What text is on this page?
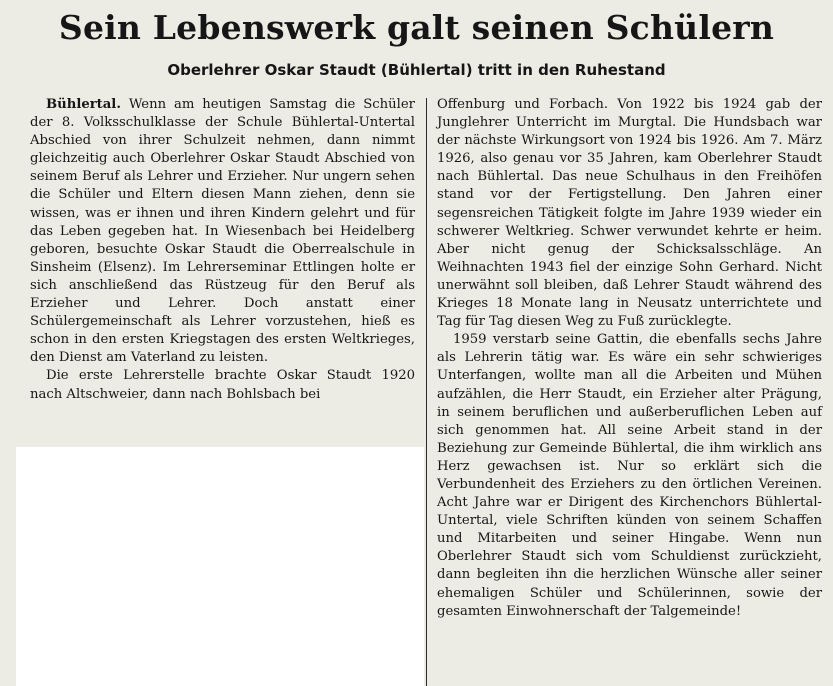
Sein Lebenswerk galt seinen Schülern
Oberlehrer Oskar Staudt (Bühlertal) tritt in den Ruhestand

Bühlertal. Wenn am heutigen Samstag die Schüler der 8. Volksschulklasse der Schule Bühlertal-Untertal Abschied von ihrer Schulzeit nehmen, dann nimmt gleichzeitig auch Oberlehrer Oskar Staudt Abschied von seinem Beruf als Lehrer und Erzieher. Nur ungern sehen die Schüler und Eltern diesen Mann ziehen, denn sie wissen, was er ihnen und ihren Kindern gelehrt und für das Leben gegeben hat. In Wiesenbach bei Heidelberg geboren, besuchte Oskar Staudt die Oberrealschule in Sinsheim (Elsenz). Im Lehrerseminar Ettlingen holte er sich anschließend das Rüstzeug für den Beruf als Erzieher und Lehrer. Doch anstatt einer Schülergemeinschaft als Lehrer vorzustehen, hieß es schon in den ersten Kriegstagen des ersten Weltkrieges, den Dienst am Vaterland zu leisten.

Die erste Lehrerstelle brachte Oskar Staudt 1920 nach Altschweier, dann nach Bohlsbach bei

Offenburg und Forbach. Von 1922 bis 1924 gab der Junglehrer Unterricht im Murgtal. Die Hundsbach war der nächste Wirkungsort von 1924 bis 1926. Am 7. März 1926, also genau vor 35 Jahren, kam Oberlehrer Staudt nach Bühlertal. Das neue Schulhaus in den Freihöfen stand vor der Fertigstellung. Den Jahren einer segensreichen Tätigkeit folgte im Jahre 1939 wieder ein schwerer Weltkrieg. Schwer verwundet kehrte er heim. Aber nicht genug der Schicksalsschläge. An Weihnachten 1943 fiel der einzige Sohn Gerhard. Nicht unerwähnt soll bleiben, daß Lehrer Staudt während des Krieges 18 Monate lang in Neusatz unterrichtete und Tag für Tag diesen Weg zu Fuß zurücklegte.

1959 verstarb seine Gattin, die ebenfalls sechs Jahre als Lehrerin tätig war. Es wäre ein sehr schwieriges Unterfangen, wollte man all die Arbeiten und Mühen aufzählen, die Herr Staudt, ein Erzieher alter Prägung, in seinem beruflichen und außerberuflichen Leben auf sich genommen hat. All seine Arbeit stand in der Beziehung zur Gemeinde Bühlertal, die ihm wirklich ans Herz gewachsen ist. Nur so erklärt sich die Verbundenheit des Erziehers zu den örtlichen Vereinen. Acht Jahre war er Dirigent des Kirchenchors Bühlertal-Untertal, viele Schriften künden von seinem Schaffen und Mitarbeiten und seiner Hingabe. Wenn nun Oberlehrer Staudt sich vom Schuldienst zurückzieht, dann begleiten ihn die herzlichen Wünsche aller seiner ehemaligen Schüler und Schülerinnen, sowie der gesamten Einwohnerschaft der Talgemeinde!
